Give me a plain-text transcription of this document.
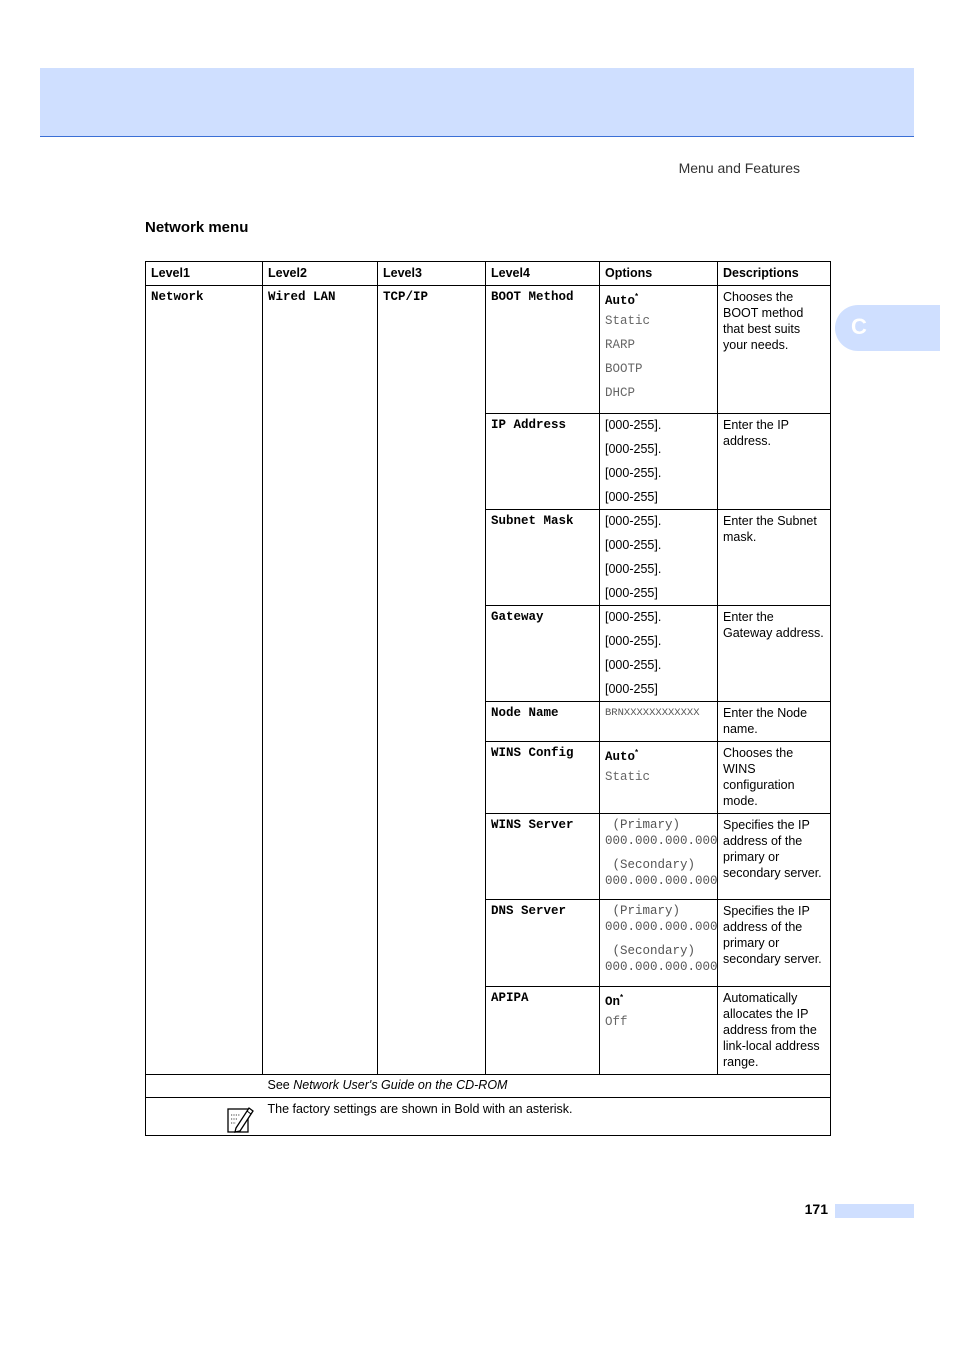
Menu and Features
Network menu
C
Level1	Level2	Level3	Level4	Options	Descriptions
Network	Wired LAN	TCP/IP	BOOT Method	Auto*
Static
RARP
BOOTP
DHCP	Chooses the BOOT method that best suits your needs.
			IP Address	[000-255].
[000-255].
[000-255].
[000-255]	Enter the IP address.
			Subnet Mask	[000-255].
[000-255].
[000-255].
[000-255]	Enter the Subnet mask.
			Gateway	[000-255].
[000-255].
[000-255].
[000-255]	Enter the Gateway address.
			Node Name	BRNXXXXXXXXXXXX	Enter the Node name.
			WINS Config	Auto*
Static	Chooses the WINS configuration mode.
			WINS Server	(Primary)
000.000.000.000
(Secondary)
000.000.000.000	Specifies the IP address of the primary or secondary server.
			DNS Server	(Primary)
000.000.000.000
(Secondary)
000.000.000.000	Specifies the IP address of the primary or secondary server.
			APIPA	On*
Off	Automatically allocates the IP address from the link-local address range.
	See Network User's Guide on the CD-ROM				

	The factory settings are shown in Bold with an asterisk.				
171
